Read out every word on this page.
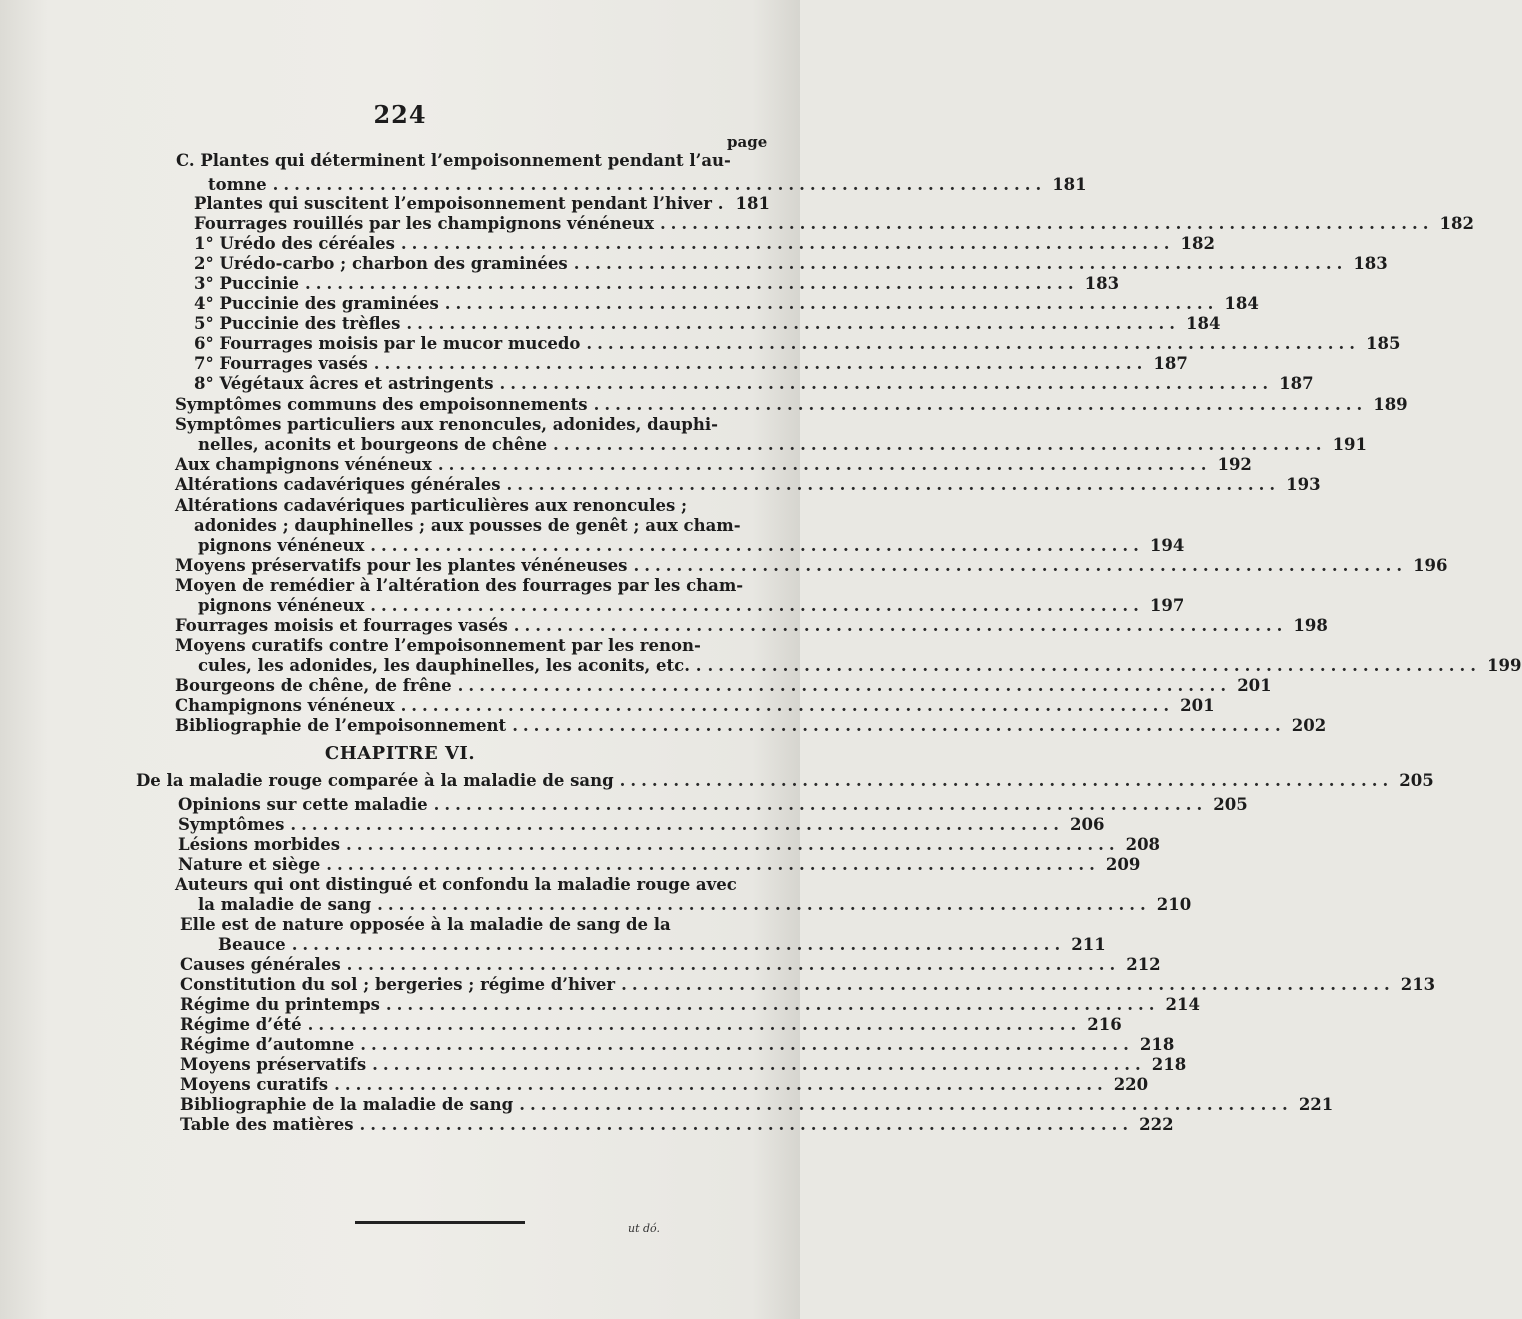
224
page
C. Plantes qui déterminent l’empoisonnement pendant l’au-
tomne ........................................................................ 181
Plantes qui suscitent l’empoisonnement pendant l’hiver . 181
Fourrages rouillés par les champignons vénéneux ........................................................................ 182
1° Urédo des céréales ........................................................................ 182
2° Urédo-carbo ; charbon des graminées ........................................................................ 183
3° Puccinie ........................................................................ 183
4° Puccinie des graminées ........................................................................ 184
5° Puccinie des trèfles ........................................................................ 184
6° Fourrages moisis par le mucor mucedo ........................................................................ 185
7° Fourrages vasés ........................................................................ 187
8° Végétaux âcres et astringents ........................................................................ 187
Symptômes communs des empoisonnements ........................................................................ 189
Symptômes particuliers aux renoncules, adonides, dauphi-
nelles, aconits et bourgeons de chêne ........................................................................ 191
Aux champignons vénéneux ........................................................................ 192
Altérations cadavériques générales ........................................................................ 193
Altérations cadavériques particulières aux renoncules ;
adonides ; dauphinelles ; aux pousses de genêt ; aux cham-
pignons vénéneux ........................................................................ 194
Moyens préservatifs pour les plantes vénéneuses ........................................................................ 196
Moyen de remédier à l’altération des fourrages par les cham-
pignons vénéneux ........................................................................ 197
Fourrages moisis et fourrages vasés ........................................................................ 198
Moyens curatifs contre l’empoisonnement par les renon-
cules, les adonides, les dauphinelles, les aconits, etc. . ........................................................................ 199
Bourgeons de chêne, de frêne ........................................................................ 201
Champignons vénéneux ........................................................................ 201
Bibliographie de l’empoisonnement ........................................................................ 202
CHAPITRE VI.
De la maladie rouge comparée à la maladie de sang ........................................................................ 205
Opinions sur cette maladie ........................................................................ 205
Symptômes ........................................................................ 206
Lésions morbides ........................................................................ 208
Nature et siège ........................................................................ 209
Auteurs qui ont distingué et confondu la maladie rouge avec
la maladie de sang ........................................................................ 210
Elle est de nature opposée à la maladie de sang de la
Beauce ........................................................................ 211
Causes générales ........................................................................ 212
Constitution du sol ; bergeries ; régime d’hiver ........................................................................ 213
Régime du printemps ........................................................................ 214
Régime d’été ........................................................................ 216
Régime d’automne ........................................................................ 218
Moyens préservatifs ........................................................................ 218
Moyens curatifs ........................................................................ 220
Bibliographie de la maladie de sang ........................................................................ 221
Table des matières ........................................................................ 222
ut dó.
